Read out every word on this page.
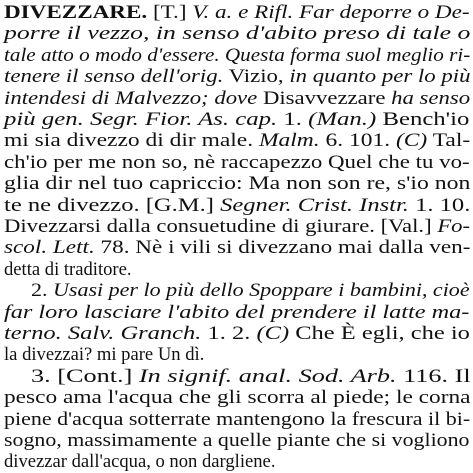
DIVEZZARE. [T.] V. a. e Rifl. Far deporre o De-
porre il vezzo, in senso d'abito preso di tale o
tale atto o modo d'essere. Questa forma suol meglio ri-
tenere il senso dell'orig. Vizio, in quanto per lo più
intendesi di Malvezzo; dove Disavvezzare ha senso
più gen. Segr. Fior. As. cap. 1. (Man.) Bench'io
mi sia divezzo di dir male. Malm. 6. 101. (C) Tal-
ch'io per me non so, nè raccapezzo Quel che tu vo-
glia dir nel tuo capriccio: Ma non son re, s'io non
te ne divezzo. [G.M.] Segner. Crist. Instr. 1. 10.
Divezzarsi dalla consuetudine di giurare. [Val.] Fo-
scol. Lett. 78. Nè i vili si divezzano mai dalla ven-
detta di traditore.
2. Usasi per lo più dello Spoppare i bambini, cioè
far loro lasciare l'abito del prendere il latte ma-
terno. Salv. Granch. 1. 2. (C) Che È egli, che io
la divezzai? mi pare Un dì.
3. [Cont.] In signif. anal. Sod. Arb. 116. Il
pesco ama l'acqua che gli scorra al piede; le corna
piene d'acqua sotterrate mantengono la frescura il bi-
sogno, massimamente a quelle piante che si vogliono
divezzar dall'acqua, o non dargliene.
